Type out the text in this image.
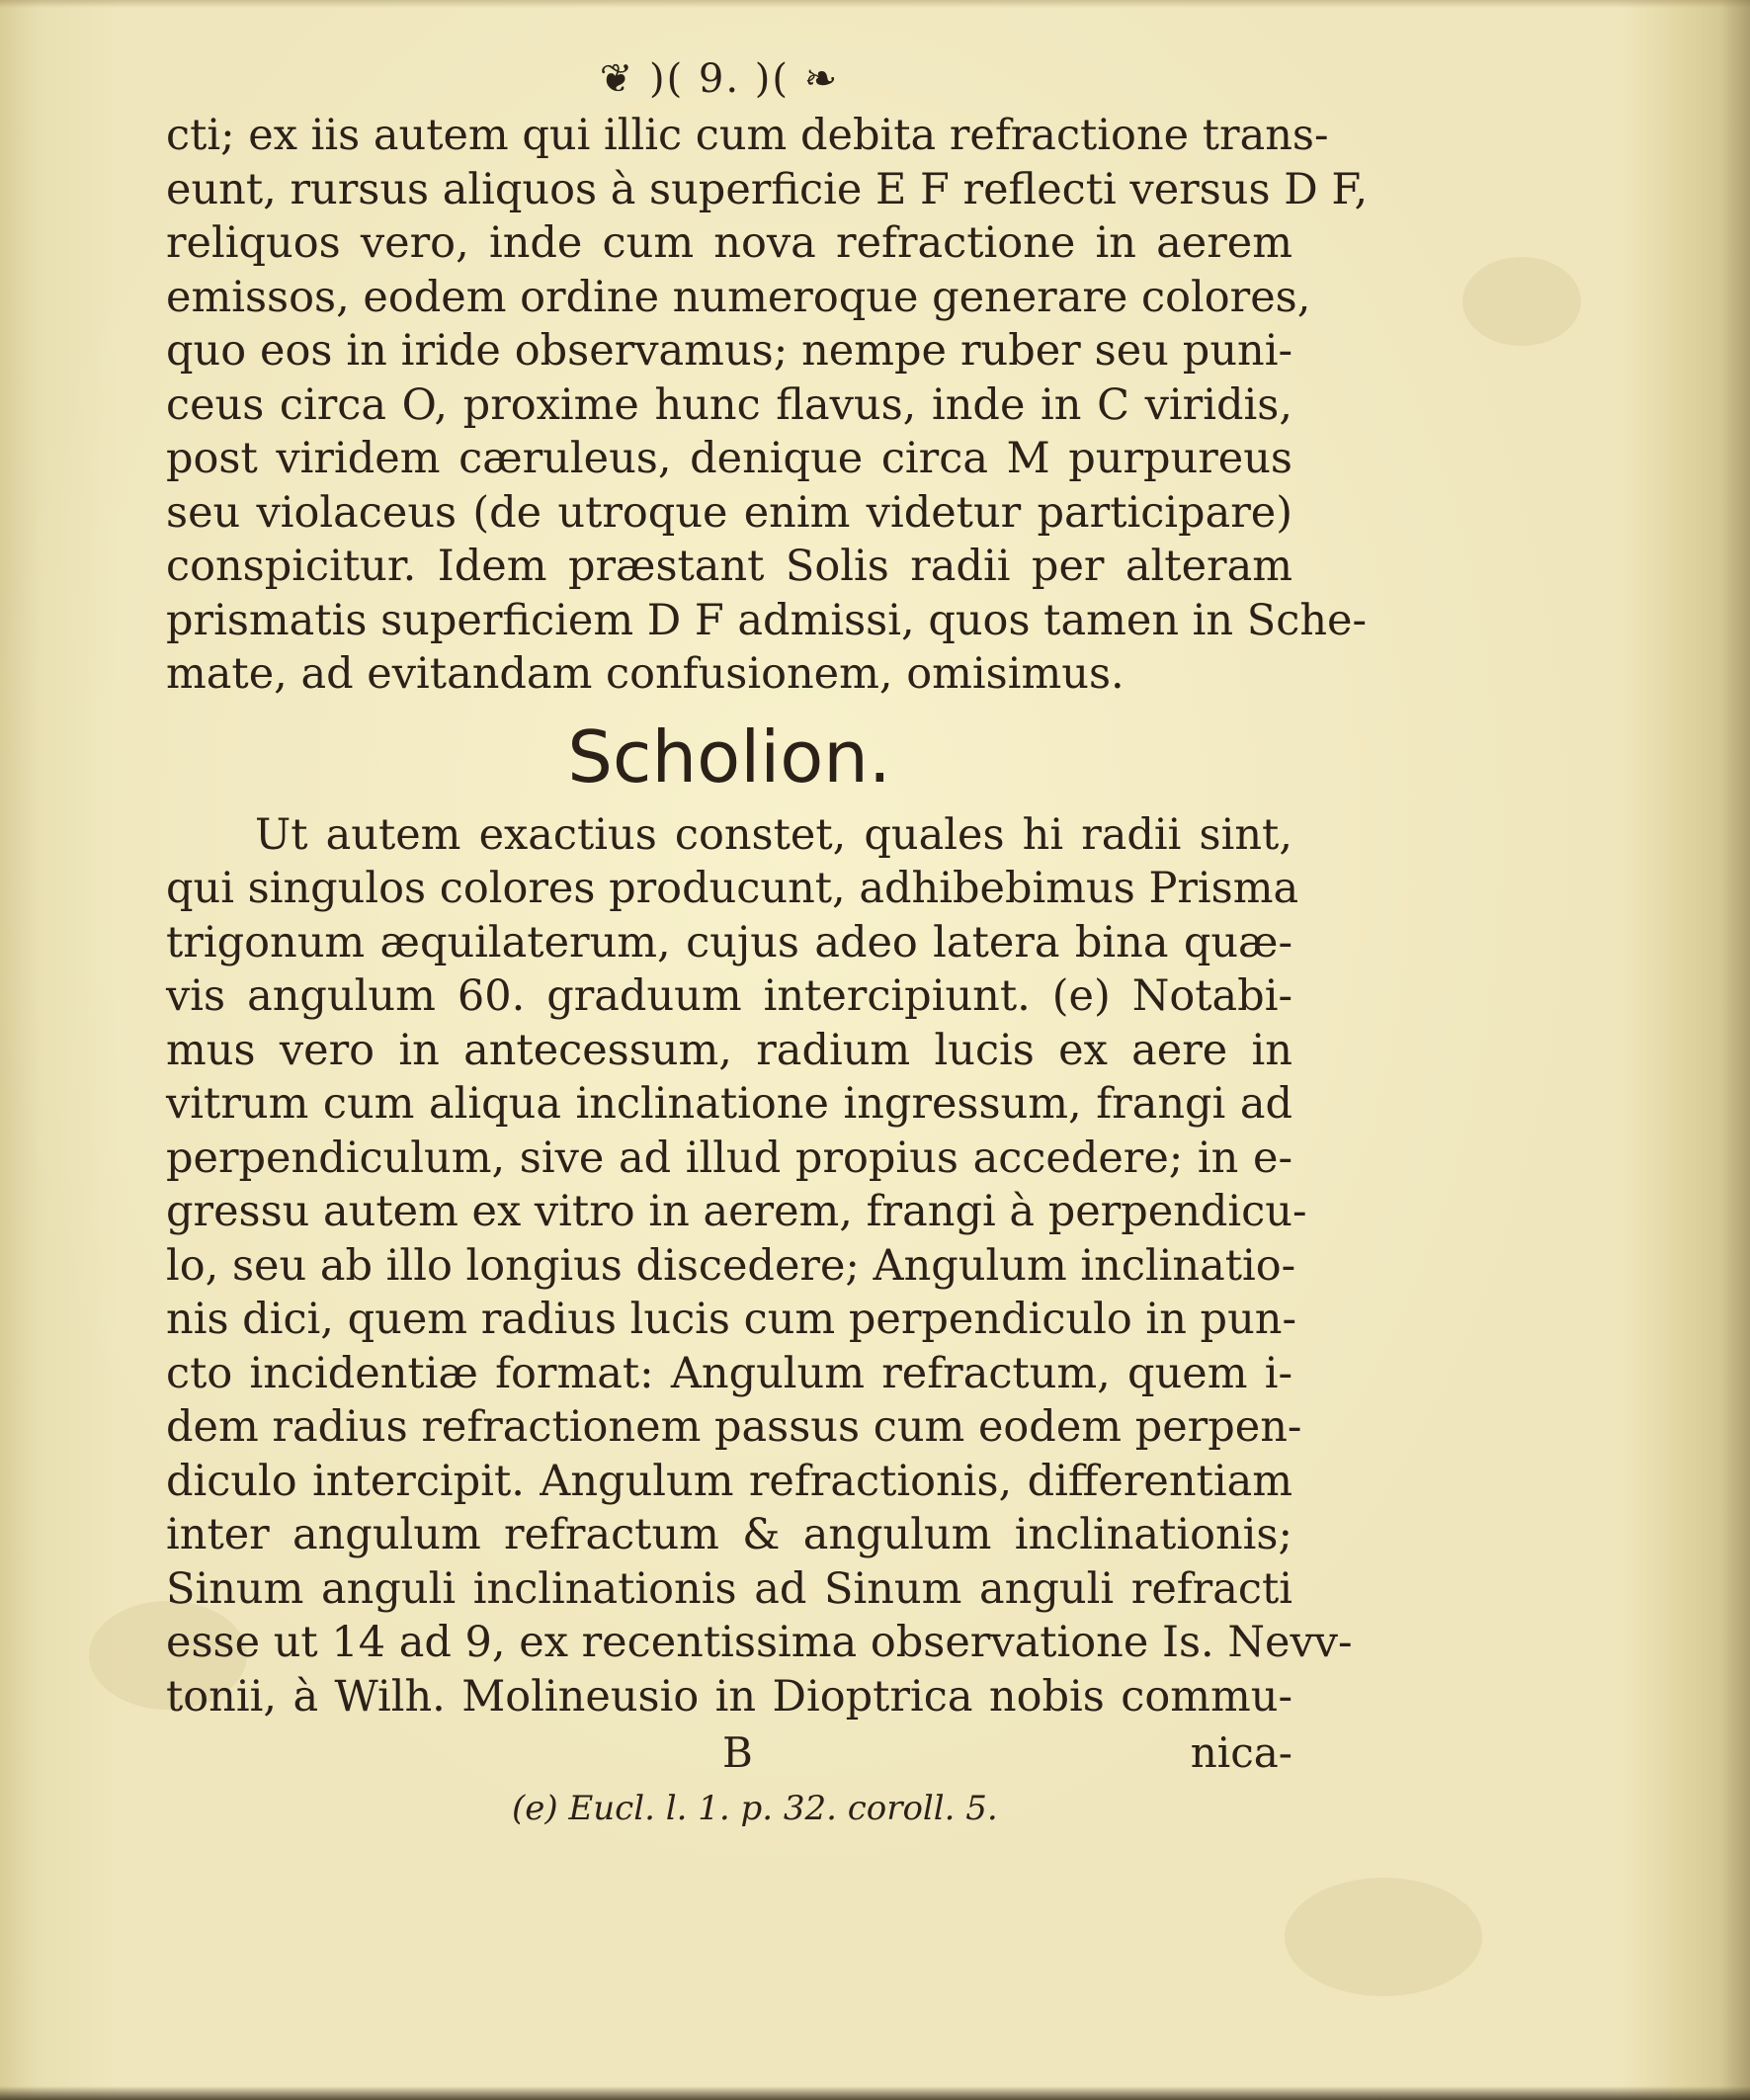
❦ )( 9. )( ❧
cti; ex iis autem qui illic cum debita refractione trans-
eunt, rursus aliquos à superficie E F reflecti versus D F,
reliquos vero, inde cum nova refractione in aerem
emissos, eodem ordine numeroque generare colores,
quo eos in iride observamus; nempe ruber seu puni-
ceus circa O, proxime hunc flavus, inde in C viridis,
post viridem cæruleus, denique circa M purpureus
seu violaceus (de utroque enim videtur participare)
conspicitur. Idem præstant Solis radii per alteram
prismatis superficiem D F admissi, quos tamen in Sche-
mate, ad evitandam confusionem, omisimus.
Scholion.
Ut autem exactius constet, quales hi radii sint,
qui singulos colores producunt, adhibebimus Prisma
trigonum æquilaterum, cujus adeo latera bina quæ-
vis angulum 60. graduum intercipiunt. (e) Notabi-
mus vero in antecessum, radium lucis ex aere in
vitrum cum aliqua inclinatione ingressum, frangi ad
perpendiculum, sive ad illud propius accedere; in e-
gressu autem ex vitro in aerem, frangi à perpendicu-
lo, seu ab illo longius discedere; Angulum inclinatio-
nis dici, quem radius lucis cum perpendiculo in pun-
cto incidentiæ format: Angulum refractum, quem i-
dem radius refractionem passus cum eodem perpen-
diculo intercipit. Angulum refractionis, differentiam
inter angulum refractum & angulum inclinationis;
Sinum anguli inclinationis ad Sinum anguli refracti
esse ut 14 ad 9, ex recentissima observatione Is. Nevv-
tonii, à Wilh. Molineusio in Dioptrica nobis commu-
B	nica-
(e) Eucl. l. 1. p. 32. coroll. 5.
